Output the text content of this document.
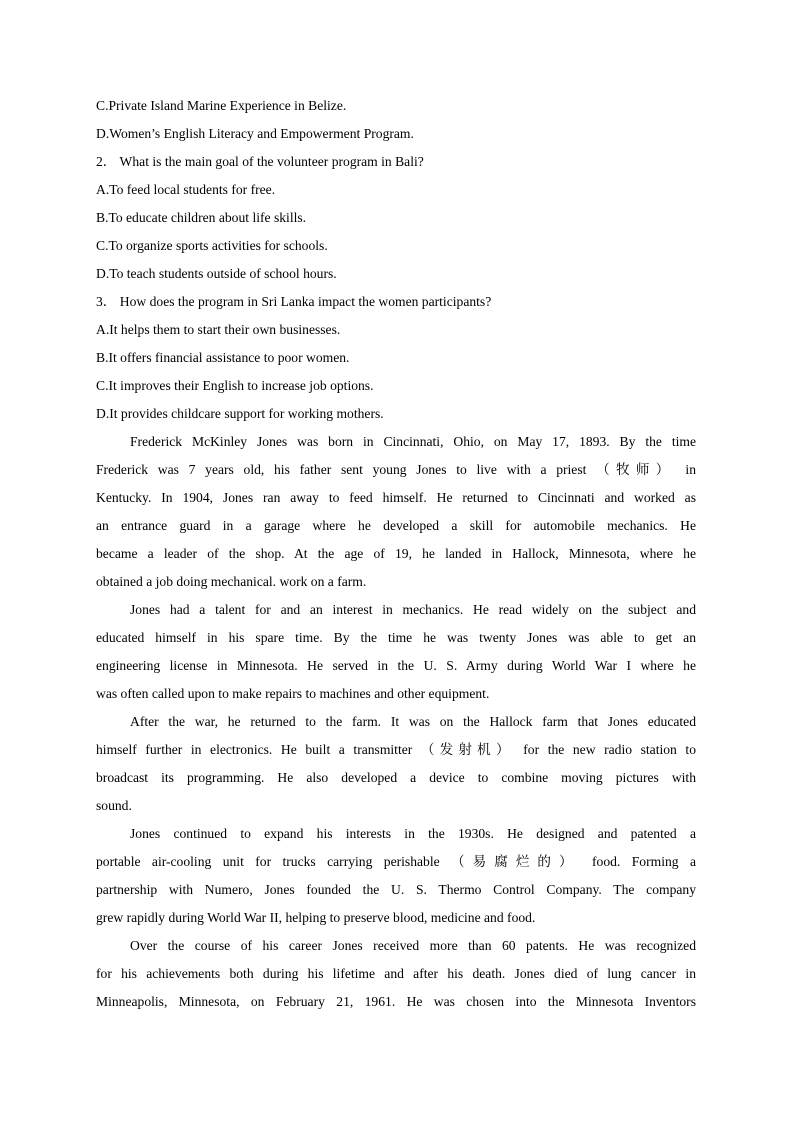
C.Private Island Marine Experience in Belize.

D.Women’s English Literacy and Empowerment Program.

2． What is the main goal of the volunteer program in Bali?

A.To feed local students for free.

B.To educate children about life skills.

C.To organize sports activities for schools.

D.To teach students outside of school hours.

3． How does the program in Sri Lanka impact the women participants?

A.It helps them to start their own businesses.

B.It offers financial assistance to poor women.

C.It improves their English to increase job options.

D.It provides childcare support for working mothers.

Frederick McKinley Jones was born in Cincinnati, Ohio, on May 17, 1893. By the time
Frederick was 7 years old, his father sent young Jones to live with a priest （牧师） in
Kentucky. In 1904, Jones ran away to feed himself. He returned to Cincinnati and worked as
an entrance guard in a garage where he developed a skill for automobile mechanics. He
became a leader of the shop. At the age of 19, he landed in Hallock, Minnesota, where he
obtained a job doing mechanical. work on a farm.
Jones had a talent for and an interest in mechanics. He read widely on the subject and
educated himself in his spare time. By the time he was twenty Jones was able to get an
engineering license in Minnesota. He served in the U. S. Army during World War I where he
was often called upon to make repairs to machines and other equipment.
After the war, he returned to the farm. It was on the Hallock farm that Jones educated
himself further in electronics. He built a transmitter （发射机） for the new radio station to
broadcast its programming. He also developed a device to combine moving pictures with
sound.
Jones continued to expand his interests in the 1930s. He designed and patented a
portable air-cooling unit for trucks carrying perishable （易腐烂的） food. Forming a
partnership with Numero, Jones founded the U. S. Thermo Control Company. The company
grew rapidly during World War II, helping to preserve blood, medicine and food.
Over the course of his career Jones received more than 60 patents. He was recognized
for his achievements both during his lifetime and after his death. Jones died of lung cancer in
Minneapolis, Minnesota, on February 21, 1961. He was chosen into the Minnesota Inventors
